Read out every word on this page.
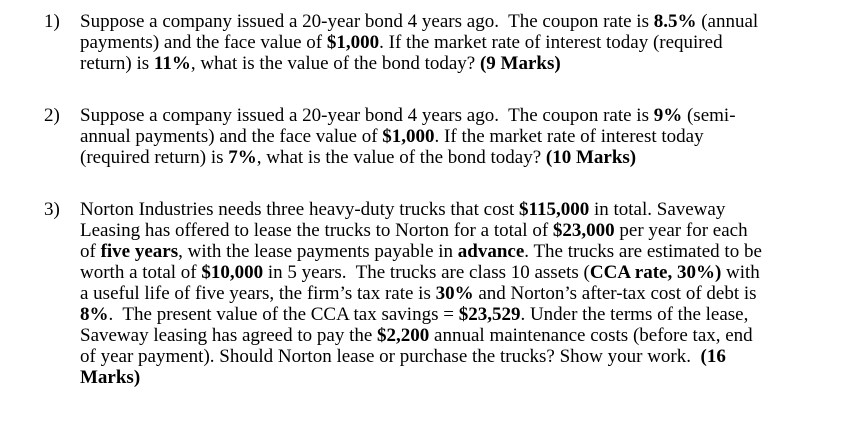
1) Suppose a company issued a 20-year bond 4 years ago.  The coupon rate is 8.5% (annual
payments) and the face value of $1,000. If the market rate of interest today (required
return) is 11%, what is the value of the bond today? (9 Marks)
2) Suppose a company issued a 20-year bond 4 years ago.  The coupon rate is 9% (semi-
annual payments) and the face value of $1,000. If the market rate of interest today
(required return) is 7%, what is the value of the bond today? (10 Marks)
3) Norton Industries needs three heavy-duty trucks that cost $115,000 in total. Saveway
Leasing has offered to lease the trucks to Norton for a total of $23,000 per year for each
of five years, with the lease payments payable in advance. The trucks are estimated to be
worth a total of $10,000 in 5 years.  The trucks are class 10 assets (CCA rate, 30%) with
a useful life of five years, the firm’s tax rate is 30% and Norton’s after-tax cost of debt is
8%.  The present value of the CCA tax savings = $23,529. Under the terms of the lease,
Saveway leasing has agreed to pay the $2,200 annual maintenance costs (before tax, end
of year payment). Should Norton lease or purchase the trucks? Show your work.  (16
Marks)
